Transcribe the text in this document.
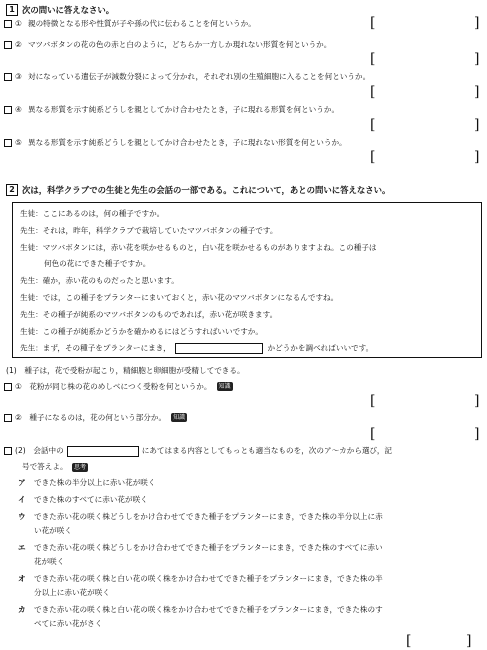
1 次の問いに答えなさい。
① 親の特徴となる形や性質が子や孫の代に伝わることを何というか。	[	]
② マツバボタンの花の色の赤と白のように，どちらか一方しか現れない形質を何というか。
[	]
③ 対になっている遺伝子が減数分裂によって分かれ，それぞれ別の生殖細胞に入ることを何というか。
[	]
④ 異なる形質を示す純系どうしを親としてかけ合わせたとき，子に現れる形質を何というか。
[	]
⑤ 異なる形質を示す純系どうしを親としてかけ合わせたとき，子に現れない形質を何というか。
[	]
2 次は，科学クラブでの生徒と先生の会話の一部である。これについて，あとの問いに答えなさい。
生徒：ここにあるのは，何の種子ですか。
先生：それは，昨年，科学クラブで栽培していたマツバボタンの種子です。
生徒：マツバボタンには，赤い花を咲かせるものと，白い花を咲かせるものがありますよね。この種子は
何色の花にできた種子ですか。
先生：確か，赤い花のものだったと思います。
生徒：では，この種子をプランターにまいておくと，赤い花のマツバボタンになるんですね。
先生：その種子が純系のマツバボタンのものであれば，赤い花が咲きます。
生徒：この種子が純系かどうかを確かめるにはどうすればいいですか。
先生：まず，その種子をプランターにまき，	かどうかを調べればいいです。
(1)　種子は，花で受粉が起こり，精細胞と卵細胞が受精してできる。
①　花粉が同じ株の花のめしべにつく受粉を何というか。	知識
[	]
②　種子になるのは，花の何という部分か。	知識
[	]
(2)　会話中の	にあてはまる内容としてもっとも適当なものを，次のア～カから選び，記
号で答えよ。 思考
ア できた株の半分以上に赤い花が咲く
イ できた株のすべてに赤い花が咲く
ウ できた赤い花の咲く株どうしをかけ合わせてできた種子をプランターにまき，できた株の半分以上に赤
い花が咲く
エ できた赤い花の咲く株どうしをかけ合わせてできた種子をプランターにまき，できた株のすべてに赤い
花が咲く
オ できた赤い花の咲く株と白い花の咲く株をかけ合わせてできた種子をプランターにまき，できた株の半
分以上に赤い花が咲く
カ できた赤い花の咲く株と白い花の咲く株をかけ合わせてできた種子をプランターにまき，できた株のす
べてに赤い花がさく
[	]
